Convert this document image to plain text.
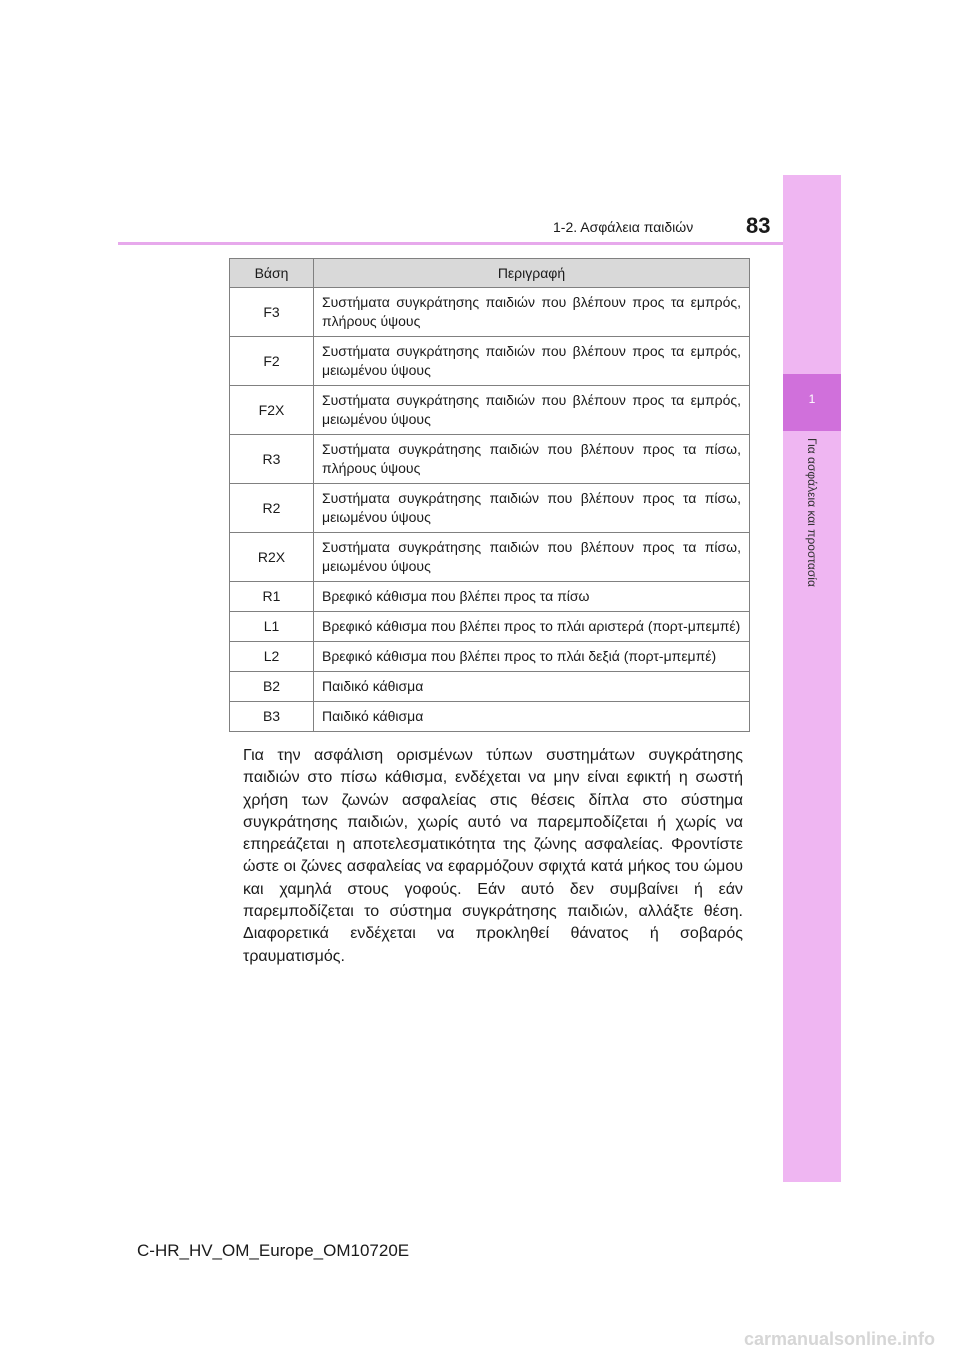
1-2. Ασφάλεια παιδιών 83
1
Για ασφάλεια και προστασία
Βάση	Περιγραφή
F3	Συστήματα συγκράτησης παιδιών που βλέπουν προς τα εμπρός, πλήρους ύψους
F2	Συστήματα συγκράτησης παιδιών που βλέπουν προς τα εμπρός, μειωμένου ύψους
F2X	Συστήματα συγκράτησης παιδιών που βλέπουν προς τα εμπρός, μειωμένου ύψους
R3	Συστήματα συγκράτησης παιδιών που βλέπουν προς τα πίσω, πλήρους ύψους
R2	Συστήματα συγκράτησης παιδιών που βλέπουν προς τα πίσω, μειωμένου ύψους
R2X	Συστήματα συγκράτησης παιδιών που βλέπουν προς τα πίσω, μειωμένου ύψους
R1	Βρεφικό κάθισμα που βλέπει προς τα πίσω
L1	Βρεφικό κάθισμα που βλέπει προς το πλάι αριστερά (πορτ-μπεμπέ)
L2	Βρεφικό κάθισμα που βλέπει προς το πλάι δεξιά (πορτ-μπεμπέ)
B2	Παιδικό κάθισμα
B3	Παιδικό κάθισμα
Για την ασφάλιση ορισμένων τύπων συστημάτων συγκράτησης παιδιών στο πίσω κάθισμα, ενδέχεται να μην είναι εφικτή η σωστή χρήση των ζωνών ασφαλείας στις θέσεις δίπλα στο σύστημα συγκράτησης παιδιών, χωρίς αυτό να παρεμποδίζεται ή χωρίς να επηρεάζεται η αποτελεσματικότητα της ζώνης ασφαλείας. Φροντίστε ώστε οι ζώνες ασφαλείας να εφαρμόζουν σφιχτά κατά μήκος του ώμου και χαμηλά στους γοφούς. Εάν αυτό δεν συμβαίνει ή εάν παρεμποδίζεται το σύστημα συγκράτησης παιδιών, αλλάξτε θέση. Διαφορετικά ενδέχεται να προκληθεί θάνατος ή σοβαρός τραυματισμός.
C-HR_HV_OM_Europe_OM10720E
carmanualsonline.info
